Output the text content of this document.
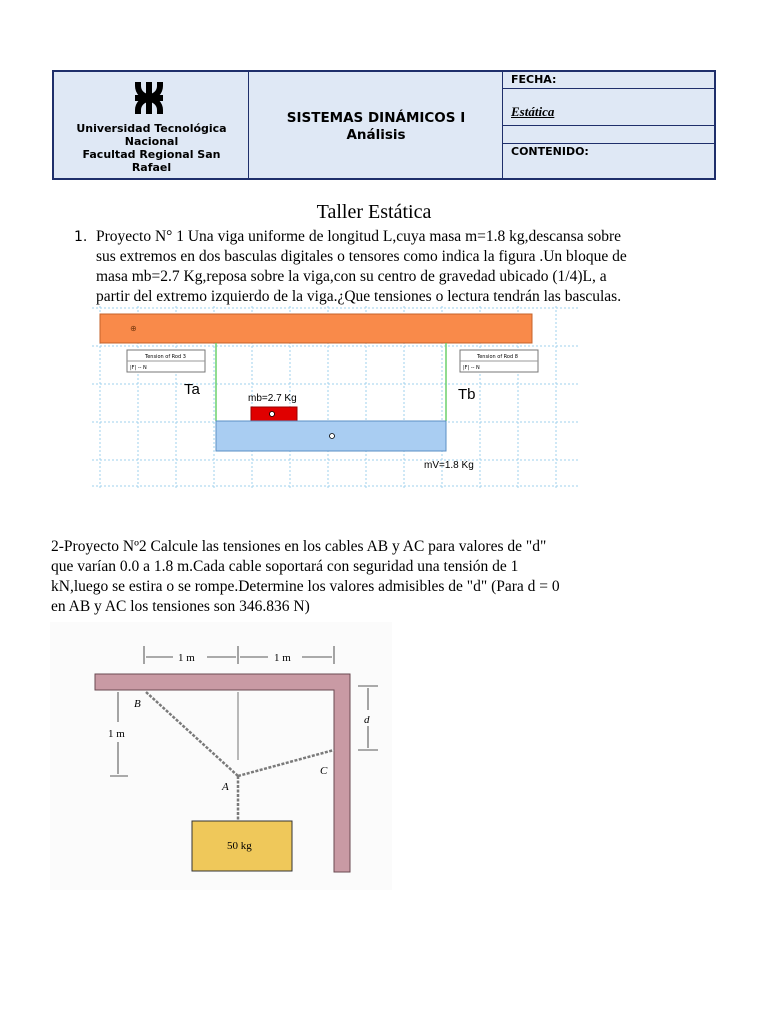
Universidad Tecnológica
Nacional
Facultad Regional San
Rafael
SISTEMAS DINÁMICOS I
Análisis
FECHA:
Estática
CONTENIDO:
Taller Estática
1. Proyecto N° 1 Una viga uniforme de longitud L,cuya masa m=1.8 kg,descansa sobre
sus extremos en dos basculas digitales o tensores como indica la figura .Un bloque de
masa mb=2.7 Kg,reposa sobre la viga,con su centro de gravedad ubicado (1/4)L, a
partir del extremo izquierdo de la viga.¿Que tensiones o lectura tendrán las basculas.
⊕
Tension of Rod 3
|F| -- N
Tension of Rod 8
|F| -- N
Ta	Tb
mb=2.7 Kg
mV=1.8 Kg
2-Proyecto Nº2 Calcule las tensiones en los cables AB y AC para valores de "d"
que varían 0.0 a 1.8 m.Cada cable soportará con seguridad una tensión de 1
kN,luego se estira o se rompe.Determine los valores admisibles de "d" (Para d = 0
en AB y AC los tensiones son 346.836 N)
1 m	1 m
1 m
d
B
A
C
50 kg
